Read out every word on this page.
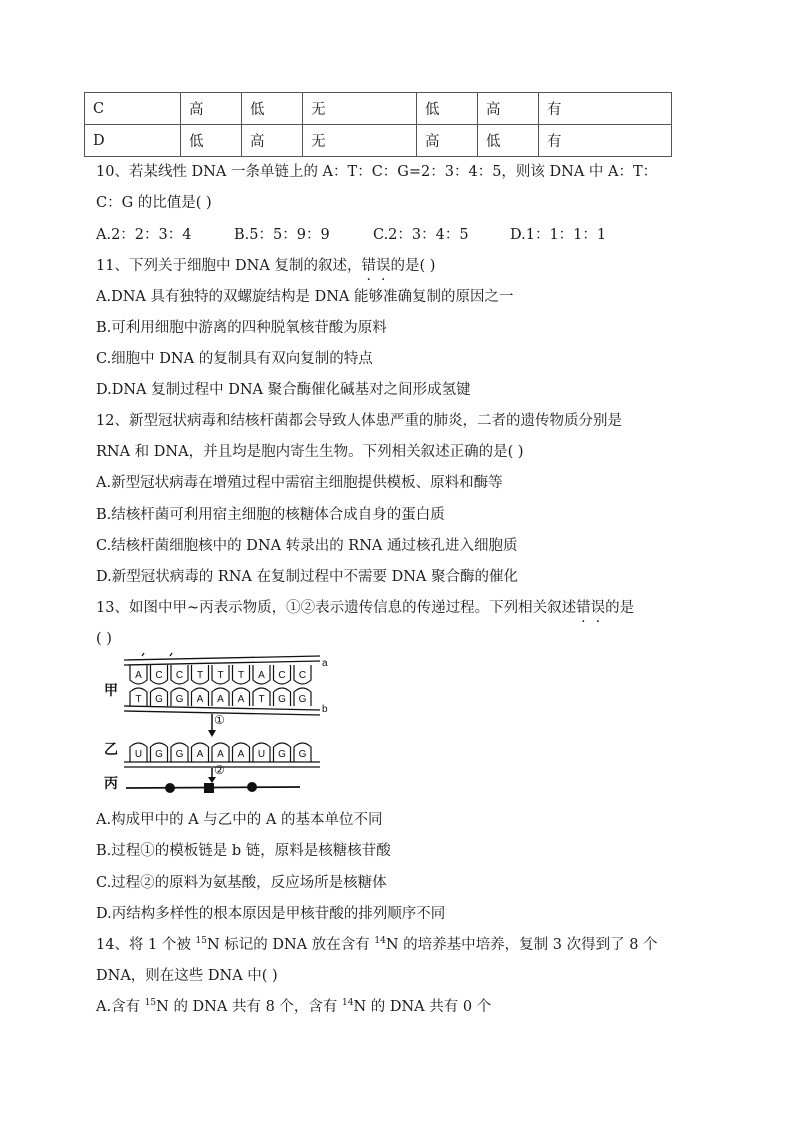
C	高	低	无	低	高	有
D	低	高	无	高	低	有
10、若某线性 DNA 一条单链上的 A：T：C：G=2：3：4：5，则该 DNA 中 A：T：
C：G 的比值是( )
A.2：2：3：4	B.5：5：9：9	C.2：3：4：5	D.1：1：1：1
11、下列关于细胞中 DNA 复制的叙述，错误的是( )
A.DNA 具有独特的双螺旋结构是 DNA 能够准确复制的原因之一
B.可利用细胞中游离的四种脱氧核苷酸为原料
C.细胞中 DNA 的复制具有双向复制的特点
D.DNA 复制过程中 DNA 聚合酶催化碱基对之间形成氢键
12、新型冠状病毒和结核杆菌都会导致人体患严重的肺炎，二者的遗传物质分别是
RNA 和 DNA，并且均是胞内寄生生物。下列相关叙述正确的是( )
A.新型冠状病毒在增殖过程中需宿主细胞提供模板、原料和酶等
B.结核杆菌可利用宿主细胞的核糖体合成自身的蛋白质
C.结核杆菌细胞核中的 DNA 转录出的 RNA 通过核孔进入细胞质
D.新型冠状病毒的 RNA 在复制过程中不需要 DNA 聚合酶的催化
13、如图中甲~丙表示物质，①②表示遗传信息的传递过程。下列相关叙述错误的是
( )
甲
乙
丙
a
b
①
②
A C C T T T A C C
T G G A A A T G G
U G G A A A U G G
A.构成甲中的 A 与乙中的 A 的基本单位不同
B.过程①的模板链是 b 链，原料是核糖核苷酸
C.过程②的原料为氨基酸，反应场所是核糖体
D.丙结构多样性的根本原因是甲核苷酸的排列顺序不同
14、将 1 个被 $^{15}$N 标记的 DNA 放在含有 $^{14}$N 的培养基中培养，复制 3 次得到了 8 个
DNA，则在这些 DNA 中( )
A.含有 $^{15}$N 的 DNA 共有 8 个，含有 $^{14}$N 的 DNA 共有 0 个
